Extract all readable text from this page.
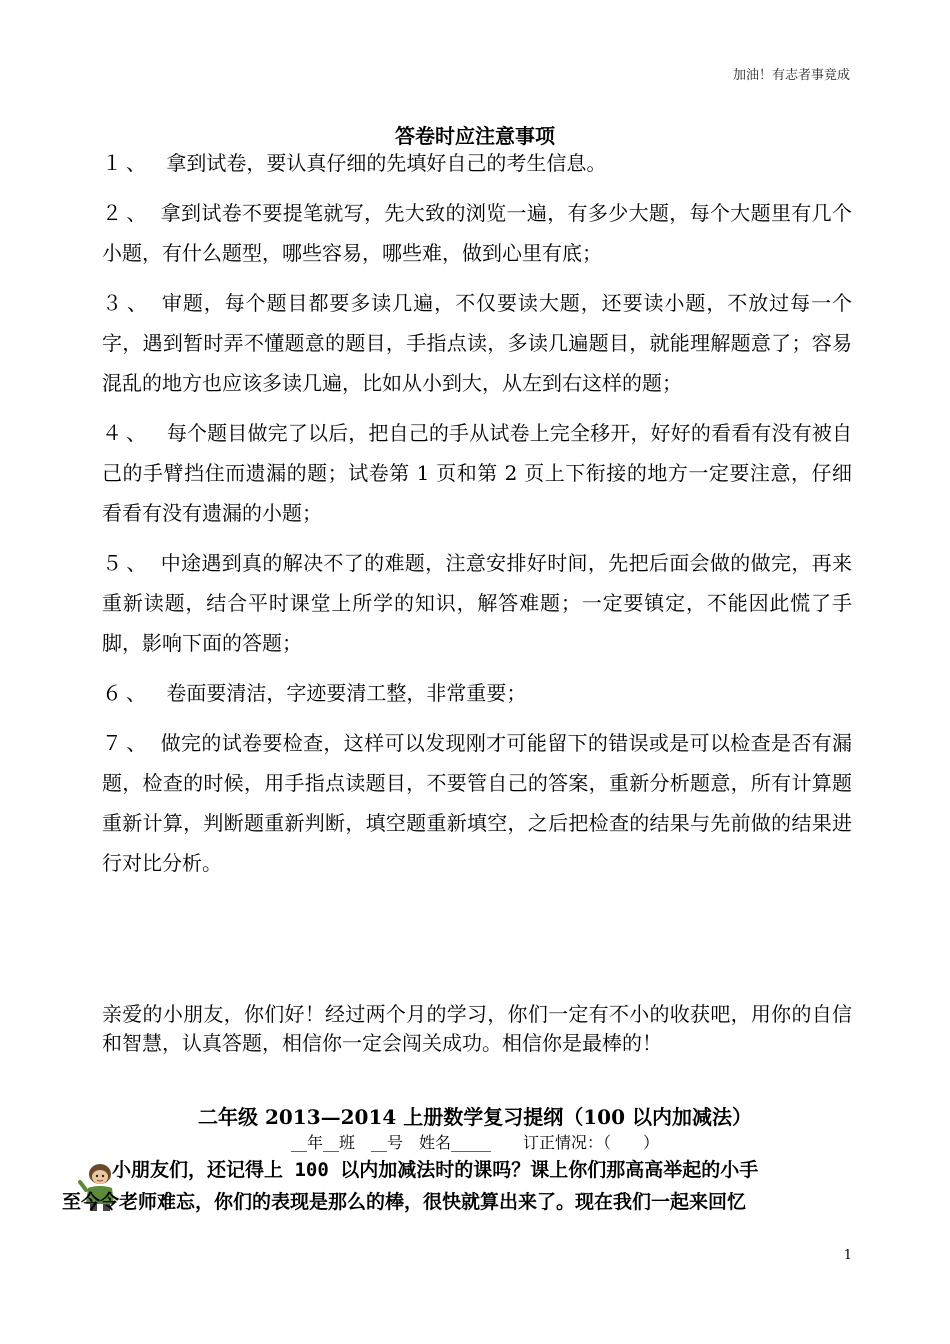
加油！有志者事竟成
答卷时应注意事项
１、 拿到试卷，要认真仔细的先填好自己的考生信息。
２、 拿到试卷不要提笔就写，先大致的浏览一遍，有多少大题，每个大题里有几个小题，有什么题型，哪些容易，哪些难，做到心里有底；
３、 审题，每个题目都要多读几遍，不仅要读大题，还要读小题，不放过每一个字，遇到暂时弄不懂题意的题目，手指点读，多读几遍题目，就能理解题意了；容易混乱的地方也应该多读几遍，比如从小到大，从左到右这样的题；
４、 每个题目做完了以后，把自己的手从试卷上完全移开，好好的看看有没有被自己的手臂挡住而遗漏的题；试卷第 1 页和第 2 页上下衔接的地方一定要注意，仔细看看有没有遗漏的小题；
５、 中途遇到真的解决不了的难题，注意安排好时间，先把后面会做的做完，再来重新读题，结合平时课堂上所学的知识，解答难题；一定要镇定，不能因此慌了手脚，影响下面的答题；
６、 卷面要清洁，字迹要清工整，非常重要；
７、 做完的试卷要检查，这样可以发现刚才可能留下的错误或是可以检查是否有漏题，检查的时候，用手指点读题目，不要管自己的答案，重新分析题意，所有计算题重新计算，判断题重新判断，填空题重新填空，之后把检查的结果与先前做的结果进行对比分析。
亲爱的小朋友，你们好！经过两个月的学习，你们一定有不小的收获吧，用你的自信和智慧，认真答题，相信你一定会闯关成功。相信你是最棒的！
二年级 2013—2014 上册数学复习提纲（100 以内加减法）
__年__班　__号　姓名_____　　订正情况：（　　）

小朋友们，还记得上 100 以内加减法时的课吗？课上你们那高高举起的小手

至今令老师难忘，你们的表现是那么的棒，很快就算出来了。现在我们一起来回忆

1
